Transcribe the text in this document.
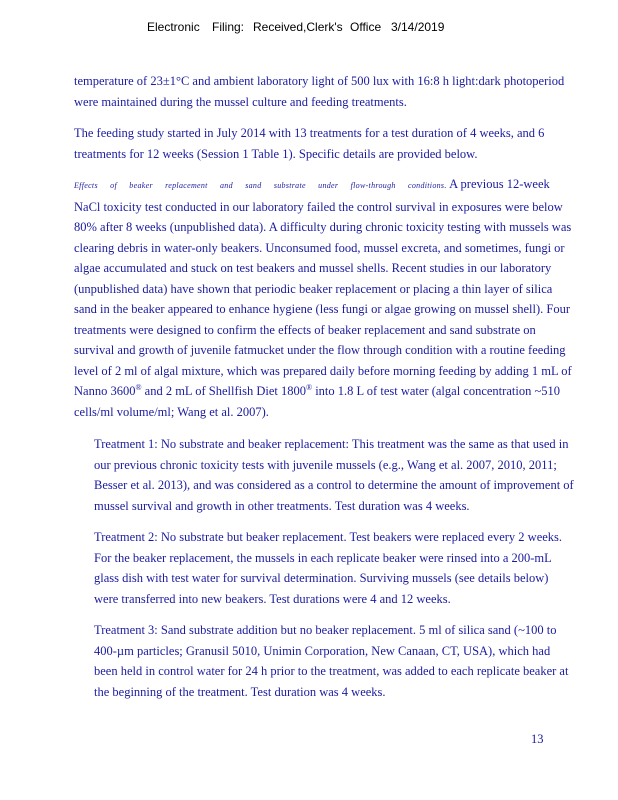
Electronic Filing: Received,Clerk's Office 3/14/2019

temperature of 23±1°C and ambient laboratory light of 500 lux with 16:8 h light:dark photoperiod were maintained during the mussel culture and feeding treatments.

The feeding study started in July 2014 with 13 treatments for a test duration of 4 weeks, and 6 treatments for 12 weeks (Session 1 Table 1). Specific details are provided below.

Effects of beaker replacement and sand substrate under flow-through conditions. A previous 12-week NaCl toxicity test conducted in our laboratory failed the control survival in exposures were below 80% after 8 weeks (unpublished data). A difficulty during chronic toxicity testing with mussels was clearing debris in water-only beakers. Unconsumed food, mussel excreta, and sometimes, fungi or algae accumulated and stuck on test beakers and mussel shells. Recent studies in our laboratory (unpublished data) have shown that periodic beaker replacement or placing a thin layer of silica sand in the beaker appeared to enhance hygiene (less fungi or algae growing on mussel shell). Four treatments were designed to confirm the effects of beaker replacement and sand substrate on survival and growth of juvenile fatmucket under the flow through condition with a routine feeding level of 2 ml of algal mixture, which was prepared daily before morning feeding by adding 1 mL of Nanno 3600® and 2 mL of Shellfish Diet 1800® into 1.8 L of test water (algal concentration ~510 cells/ml volume/ml; Wang et al. 2007).

Treatment 1: No substrate and beaker replacement: This treatment was the same as that used in our previous chronic toxicity tests with juvenile mussels (e.g., Wang et al. 2007, 2010, 2011; Besser et al. 2013), and was considered as a control to determine the amount of improvement of mussel survival and growth in other treatments. Test duration was 4 weeks.

Treatment 2: No substrate but beaker replacement. Test beakers were replaced every 2 weeks. For the beaker replacement, the mussels in each replicate beaker were rinsed into a 200-mL glass dish with test water for survival determination. Surviving mussels (see details below) were transferred into new beakers. Test durations were 4 and 12 weeks.

Treatment 3: Sand substrate addition but no beaker replacement. 5 ml of silica sand (~100 to 400-µm particles; Granusil 5010, Unimin Corporation, New Canaan, CT, USA), which had been held in control water for 24 h prior to the treatment, was added to each replicate beaker at the beginning of the treatment. Test duration was 4 weeks.

13
